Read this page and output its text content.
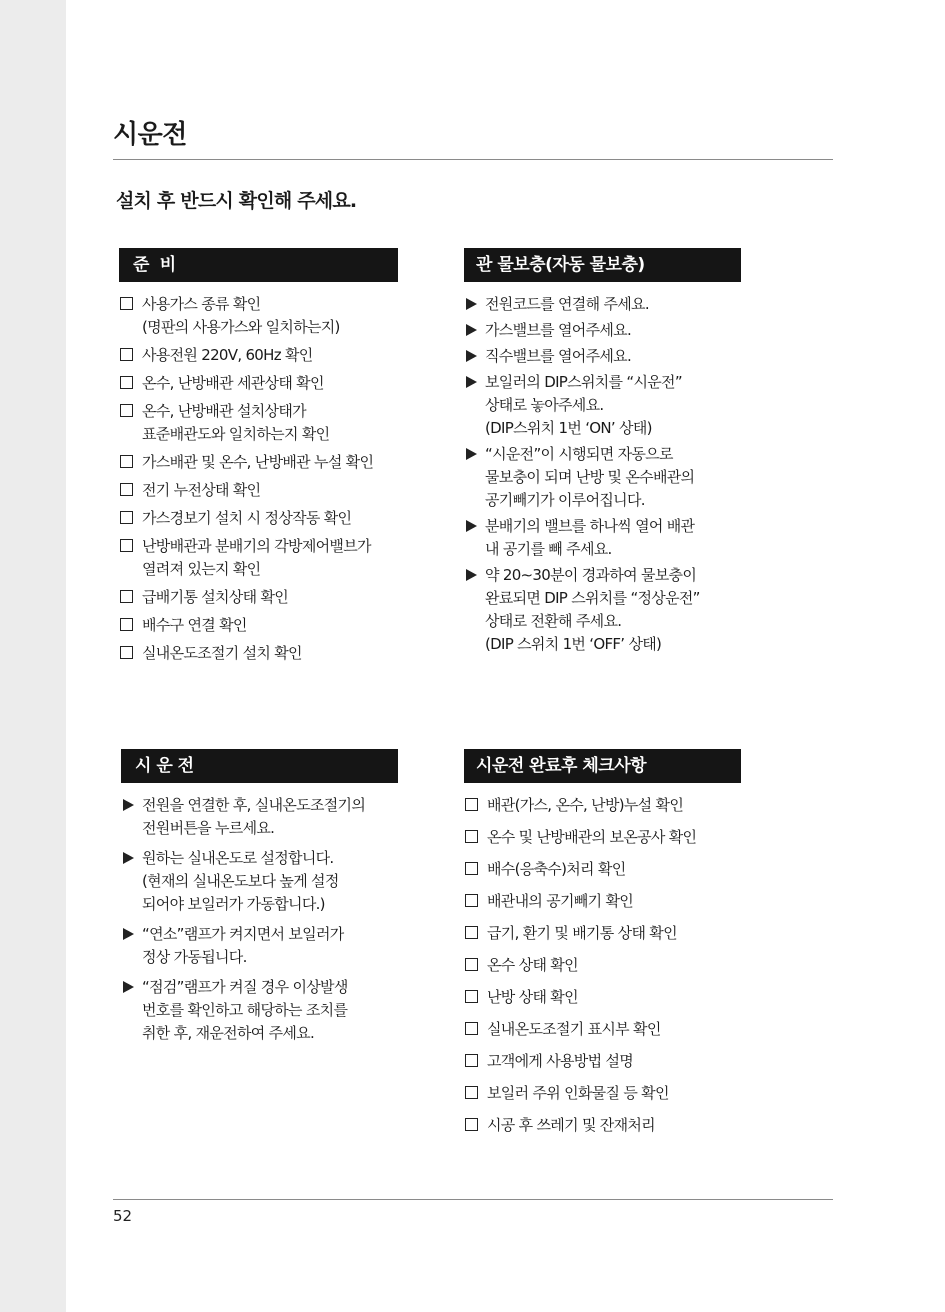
시운전
설치 후 반드시 확인해 주세요.
준  비
사용가스 종류 확인
(명판의 사용가스와 일치하는지)
사용전원 220V, 60Hz 확인
온수, 난방배관 세관상태 확인
온수, 난방배관 설치상태가
표준배관도와 일치하는지 확인
가스배관 및 온수, 난방배관 누설 확인
전기 누전상태 확인
가스경보기 설치 시 정상작동 확인
난방배관과 분배기의 각방제어밸브가
열려져 있는지 확인
급배기통 설치상태 확인
배수구 연결 확인
실내온도조절기 설치 확인
관 물보충(자동 물보충)
전원코드를 연결해 주세요.
가스밸브를 열어주세요.
직수밸브를 열어주세요.
보일러의 DIP스위치를 “시운전”
상태로 놓아주세요.
(DIP스위치 1번 ‘ON’ 상태)
“시운전”이 시행되면 자동으로
물보충이 되며 난방 및 온수배관의
공기빼기가 이루어집니다.
분배기의 밸브를 하나씩 열어 배관
내 공기를 빼 주세요.
약 20∼30분이 경과하여 물보충이
완료되면 DIP 스위치를 “정상운전”
상태로 전환해 주세요.
(DIP 스위치 1번 ‘OFF’ 상태)
시 운 전
전원을 연결한 후, 실내온도조절기의
전원버튼을 누르세요.
원하는 실내온도로 설정합니다.
(현재의 실내온도보다 높게 설정
되어야 보일러가 가동합니다.)
“연소”램프가 켜지면서 보일러가
정상 가동됩니다.
“점검”램프가 켜질 경우 이상발생
번호를 확인하고 해당하는 조치를
취한 후, 재운전하여 주세요.
시운전 완료후 체크사항
배관(가스, 온수, 난방)누설 확인
온수 및 난방배관의 보온공사 확인
배수(응축수)처리 확인
배관내의 공기빼기 확인
급기, 환기 및 배기통 상태 확인
온수 상태 확인
난방 상태 확인
실내온도조절기 표시부 확인
고객에게 사용방법 설명
보일러 주위 인화물질 등 확인
시공 후 쓰레기 및 잔재처리
52
